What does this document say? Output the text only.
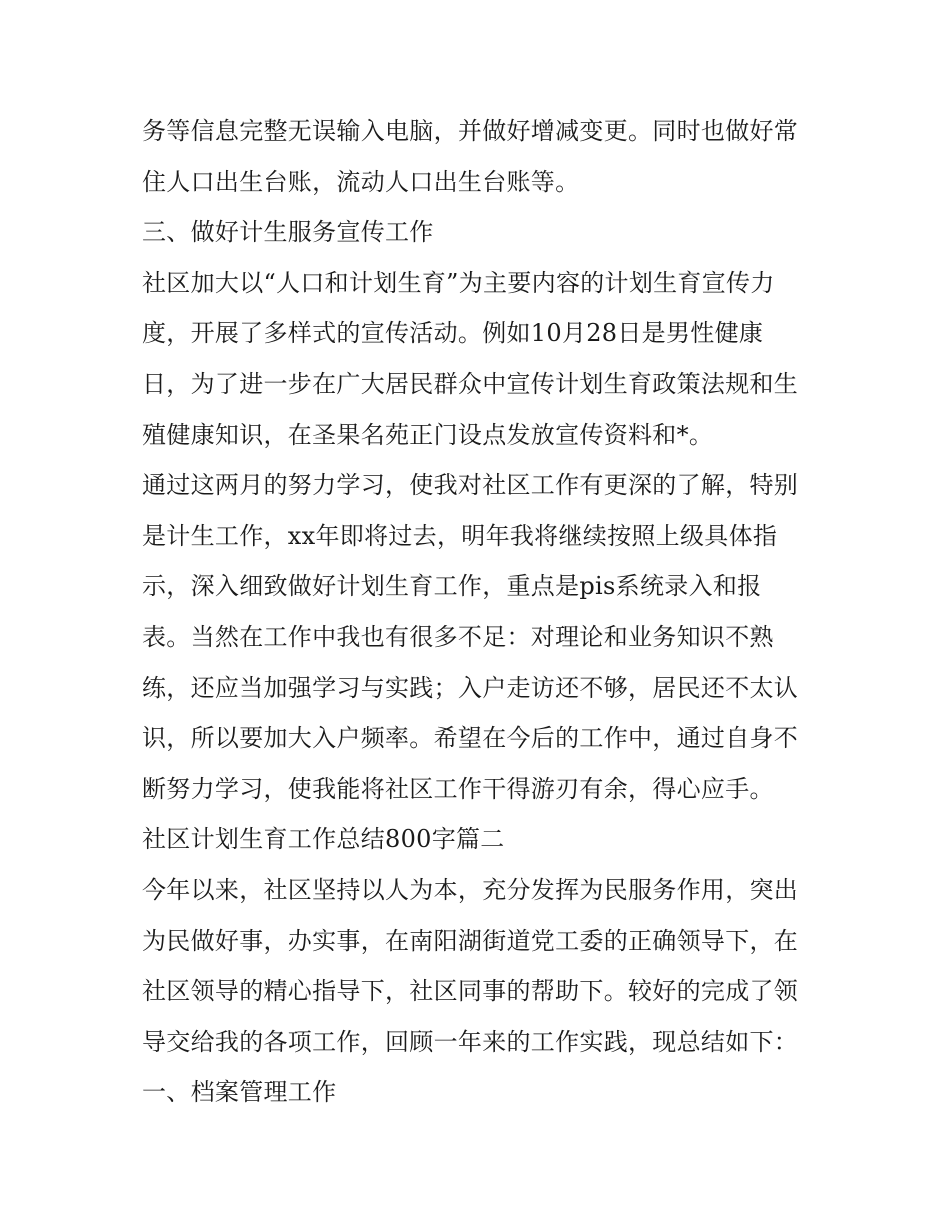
务等信息完整无误输入电脑，并做好增减变更。同时也做好常
住人口出生台账，流动人口出生台账等。
三、做好计生服务宣传工作
社区加大以“人口和计划生育”为主要内容的计划生育宣传力
度，开展了多样式的宣传活动。例如10月28日是男性健康
日，为了进一步在广大居民群众中宣传计划生育政策法规和生
殖健康知识，在圣果名苑正门设点发放宣传资料和*。
通过这两月的努力学习，使我对社区工作有更深的了解，特别
是计生工作，xx年即将过去，明年我将继续按照上级具体指
示，深入细致做好计划生育工作，重点是pis系统录入和报
表。当然在工作中我也有很多不足：对理论和业务知识不熟
练，还应当加强学习与实践；入户走访还不够，居民还不太认
识，所以要加大入户频率。希望在今后的工作中，通过自身不
断努力学习，使我能将社区工作干得游刃有余，得心应手。
社区计划生育工作总结800字篇二
今年以来，社区坚持以人为本，充分发挥为民服务作用，突出
为民做好事，办实事，在南阳湖街道党工委的正确领导下，在
社区领导的精心指导下，社区同事的帮助下。较好的完成了领
导交给我的各项工作，回顾一年来的工作实践，现总结如下：
一、档案管理工作
